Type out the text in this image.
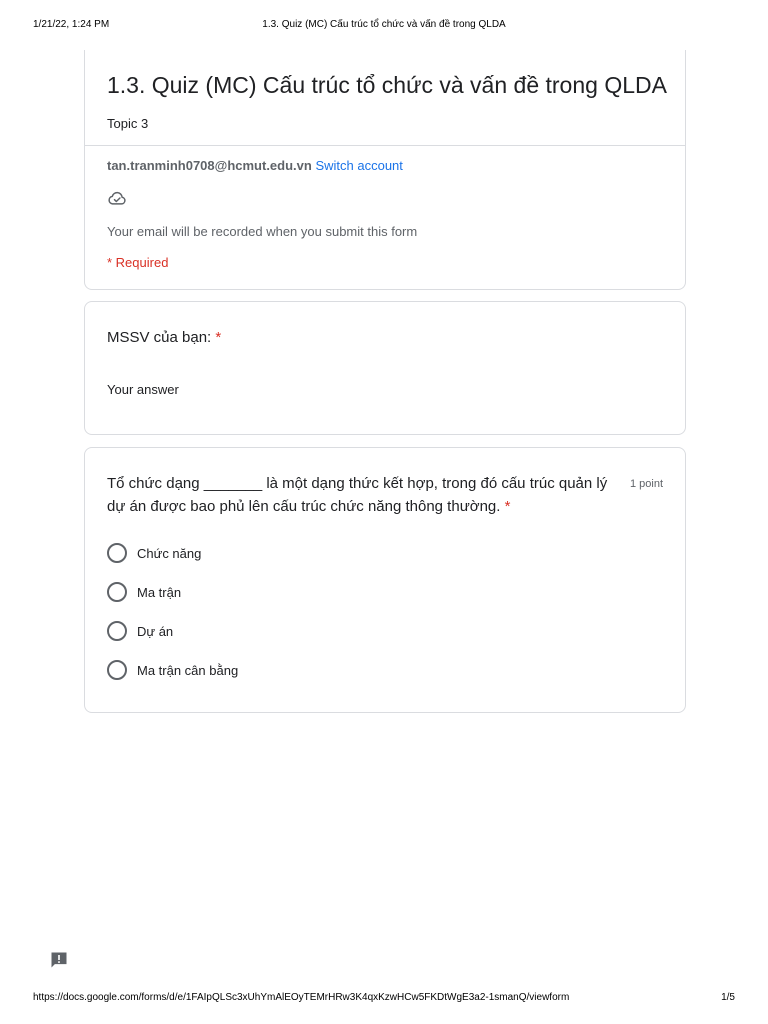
1/21/22, 1:24 PM	1.3. Quiz (MC) Cấu trúc tổ chức và vấn đề trong QLDA
1.3. Quiz (MC) Cấu trúc tổ chức và vấn đề trong QLDA
Topic 3
tan.tranminh0708@hcmut.edu.vn Switch account
Your email will be recorded when you submit this form
* Required
MSSV của bạn: *
Your answer
Tổ chức dạng _______ là một dạng thức kết hợp, trong đó cấu trúc quản lý dự án được bao phủ lên cấu trúc chức năng thông thường. *
1 point
Chức năng
Ma trận
Dự án
Ma trận cân bằng
https://docs.google.com/forms/d/e/1FAIpQLSc3xUhYmAlEOyTEMrHRw3K4qxKzwHCw5FKDtWgE3a2-1smanQ/viewform	1/5
